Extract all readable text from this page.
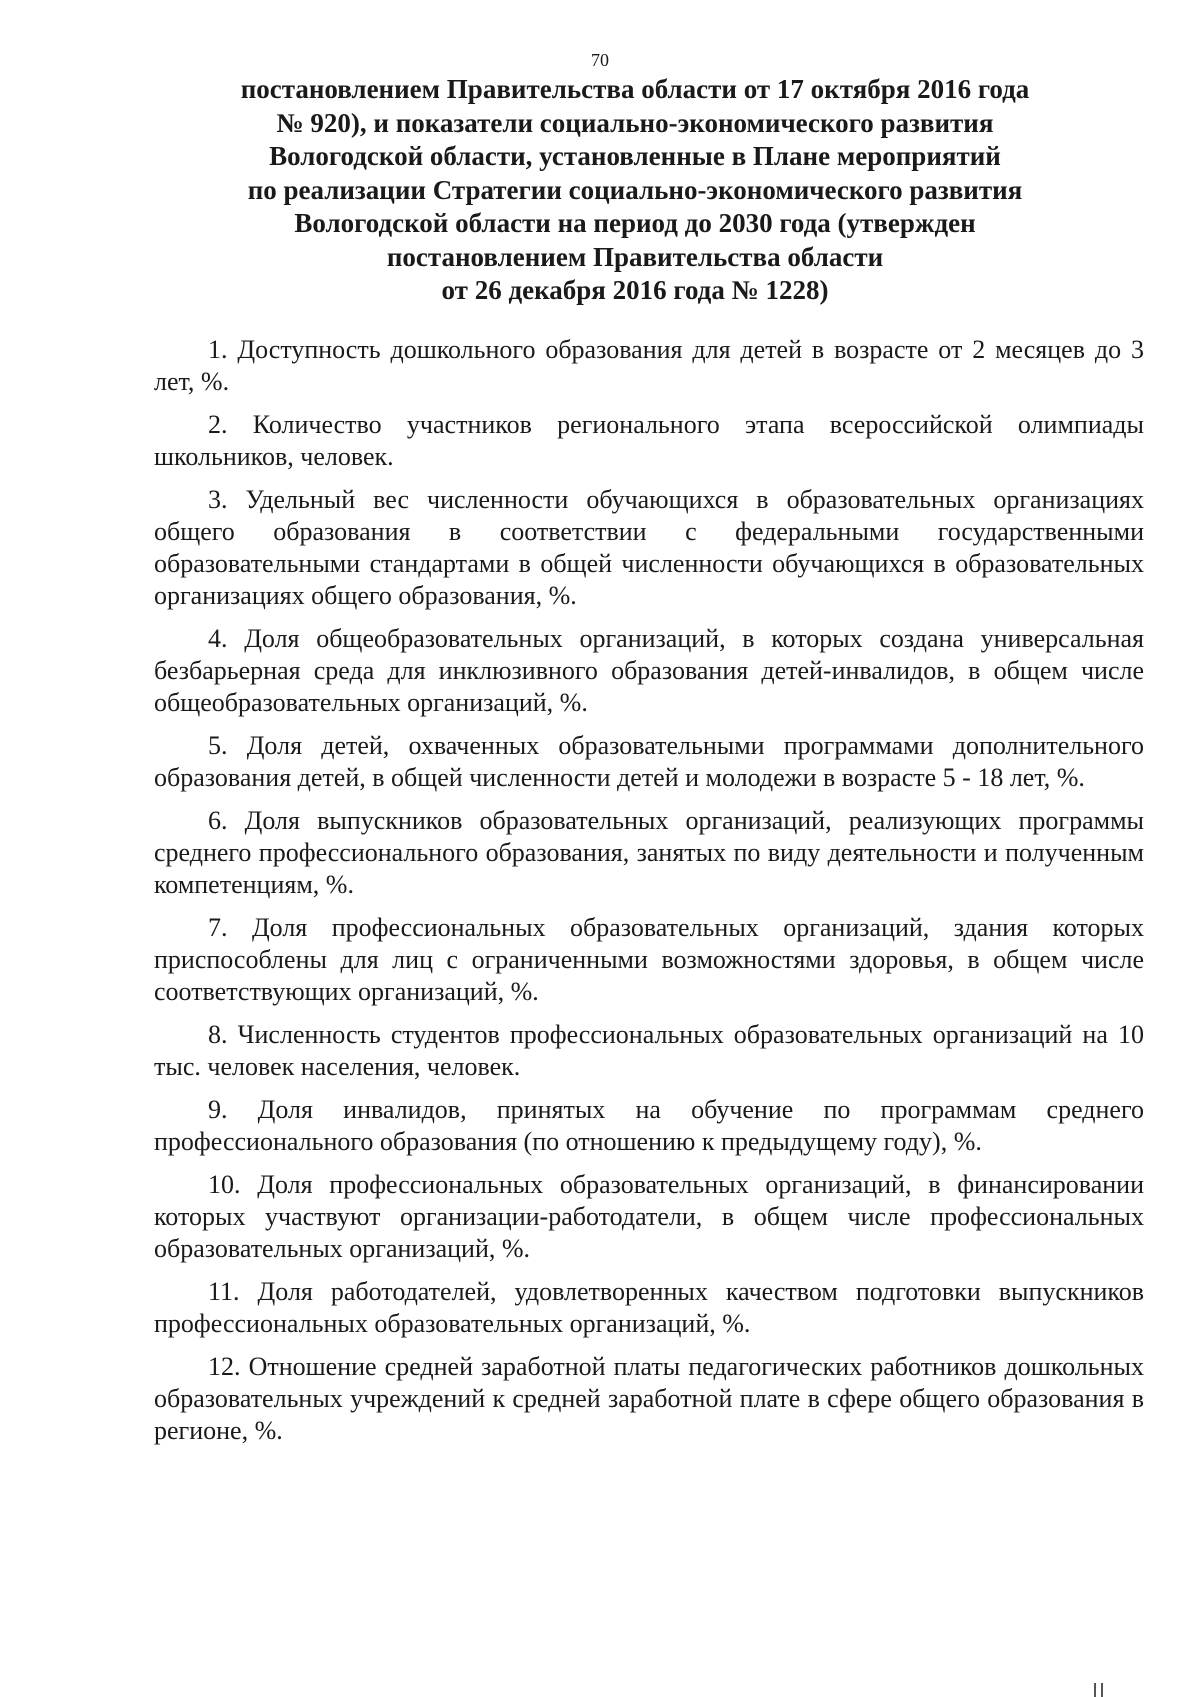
70
постановлением Правительства области от 17 октября 2016 года
№ 920), и показатели социально-экономического развития
Вологодской области, установленные в Плане мероприятий
по реализации Стратегии социально-экономического развития
Вологодской области на период до 2030 года (утвержден
постановлением Правительства области
от 26 декабря 2016 года № 1228)
1. Доступность дошкольного образования для детей в возрасте от 2 месяцев до 3 лет, %.
2. Количество участников регионального этапа всероссийской олимпиады школьников, человек.
3. Удельный вес численности обучающихся в образовательных организациях общего образования в соответствии с федеральными государственными образовательными стандартами в общей численности обучающихся в образовательных организациях общего образования, %.
4. Доля общеобразовательных организаций, в которых создана универсальная безбарьерная среда для инклюзивного образования детей-инвалидов, в общем числе общеобразовательных организаций, %.
5. Доля детей, охваченных образовательными программами дополнительного образования детей, в общей численности детей и молодежи в возрасте 5 - 18 лет, %.
6. Доля выпускников образовательных организаций, реализующих программы среднего профессионального образования, занятых по виду деятельности и полученным компетенциям, %.
7. Доля профессиональных образовательных организаций, здания которых приспособлены для лиц с ограниченными возможностями здоровья, в общем числе соответствующих организаций, %.
8. Численность студентов профессиональных образовательных организаций на 10 тыс. человек населения, человек.
9. Доля инвалидов, принятых на обучение по программам среднего профессионального образования (по отношению к предыдущему году), %.
10. Доля профессиональных образовательных организаций, в финансировании которых участвуют организации-работодатели, в общем числе профессиональных образовательных организаций, %.
11. Доля работодателей, удовлетворенных качеством подготовки выпускников профессиональных образовательных организаций, %.
12. Отношение средней заработной платы педагогических работников дошкольных образовательных учреждений к средней заработной плате в сфере общего образования в регионе, %.
